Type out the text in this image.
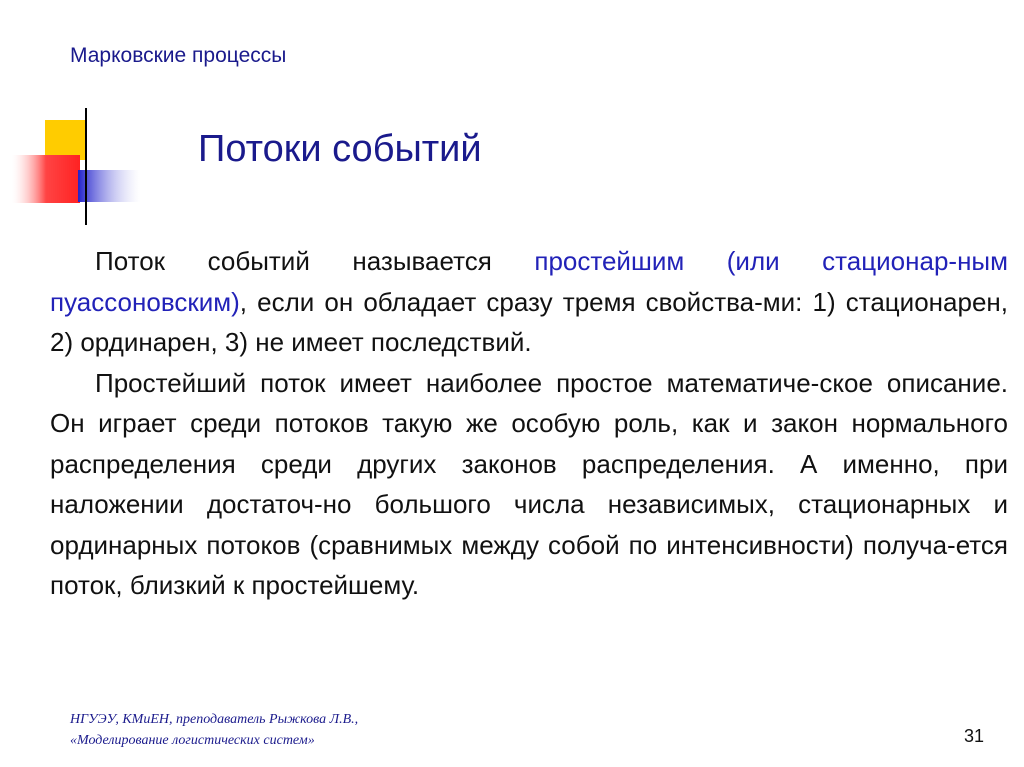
Марковские процессы
Потоки событий

Поток событий называется простейшим (или стационар-ным пуассоновским), если он обладает сразу тремя свойства-ми: 1) стационарен, 2) ординарен, 3) не имеет последствий.

Простейший поток имеет наиболее простое математиче-ское описание. Он играет среди потоков такую же особую роль, как и закон нормального распределения среди других законов распределения. А именно, при наложении достаточ-но большого числа независимых, стационарных и ординарных потоков (сравнимых между собой по интенсивности) получа-ется поток, близкий к простейшему.

НГУЭУ, КМиЕН, преподаватель Рыжкова Л.В.,
«Моделирование логистических систем»	31
